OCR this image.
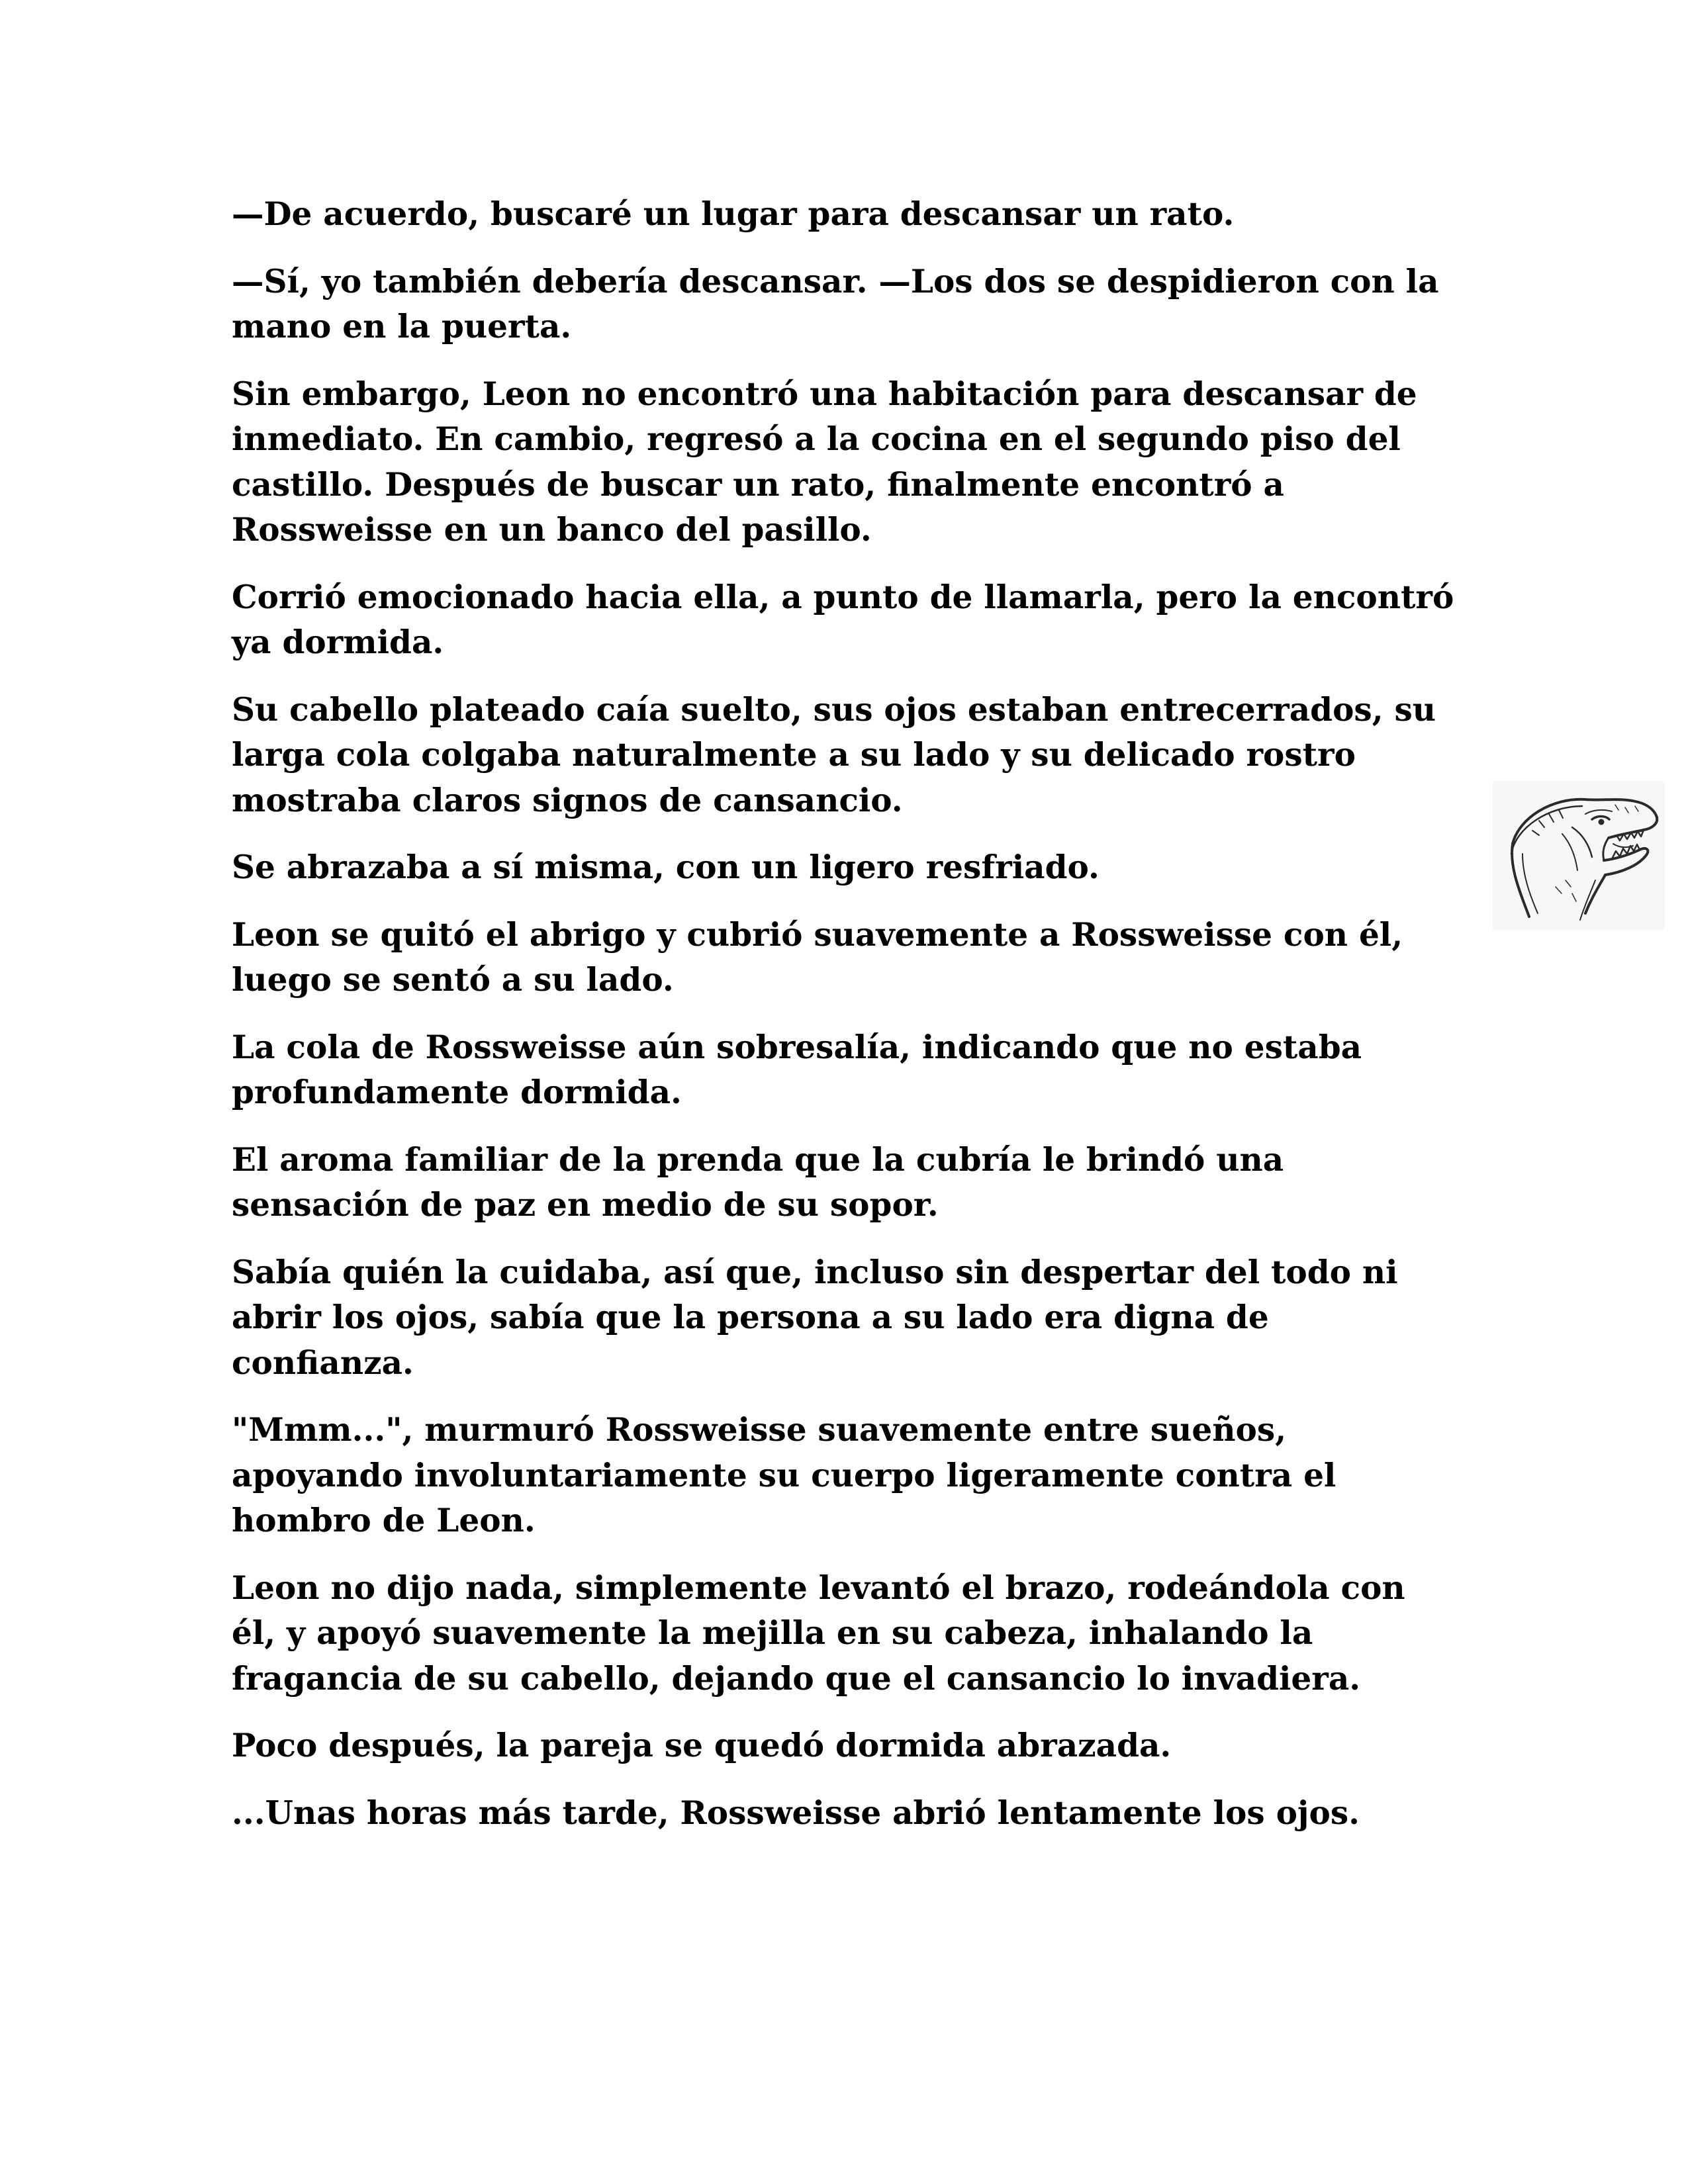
—De acuerdo, buscaré un lugar para descansar un rato.

—Sí, yo también debería descansar. —Los dos se despidieron con la mano en la puerta.

Sin embargo, Leon no encontró una habitación para descansar de inmediato. En cambio, regresó a la cocina en el segundo piso del castillo. Después de buscar un rato, finalmente encontró a Rossweisse en un banco del pasillo.

Corrió emocionado hacia ella, a punto de llamarla, pero la encontró ya dormida.

Su cabello plateado caía suelto, sus ojos estaban entrecerrados, su larga cola colgaba naturalmente a su lado y su delicado rostro mostraba claros signos de cansancio.

Se abrazaba a sí misma, con un ligero resfriado.

Leon se quitó el abrigo y cubrió suavemente a Rossweisse con él, luego se sentó a su lado.

La cola de Rossweisse aún sobresalía, indicando que no estaba profundamente dormida.

El aroma familiar de la prenda que la cubría le brindó una sensación de paz en medio de su sopor.

Sabía quién la cuidaba, así que, incluso sin despertar del todo ni abrir los ojos, sabía que la persona a su lado era digna de confianza.

"Mmm...", murmuró Rossweisse suavemente entre sueños, apoyando involuntariamente su cuerpo ligeramente contra el hombro de Leon.

Leon no dijo nada, simplemente levantó el brazo, rodeándola con él, y apoyó suavemente la mejilla en su cabeza, inhalando la fragancia de su cabello, dejando que el cansancio lo invadiera.

Poco después, la pareja se quedó dormida abrazada.

...Unas horas más tarde, Rossweisse abrió lentamente los ojos.
